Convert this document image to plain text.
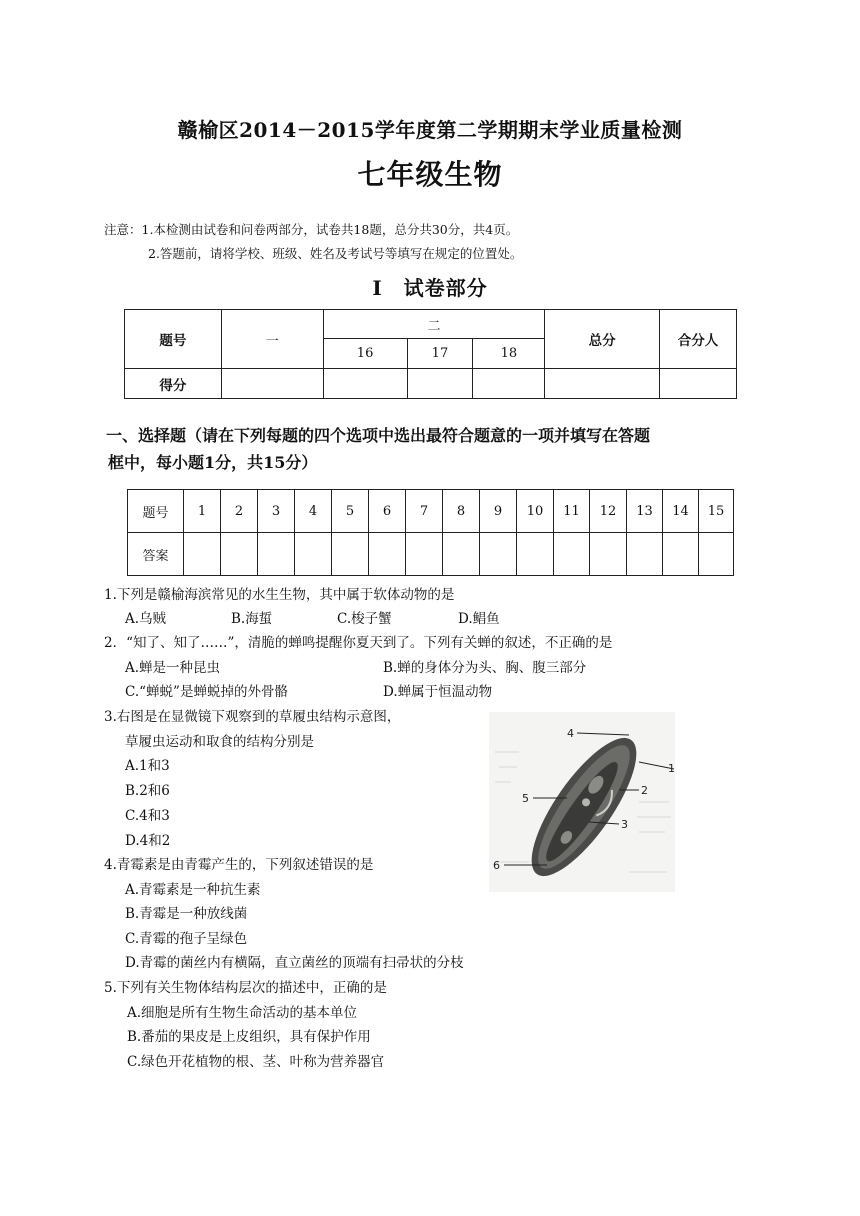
赣榆区2014－2015学年度第二学期期末学业质量检测
七年级生物
注意：1.本检测由试卷和问卷两部分，试卷共18题，总分共30分，共4页。
2.答题前，请将学校、班级、姓名及考试号等填写在规定的位置处。
I　试卷部分
题号	一	二			总分	合分人
		16	17	18		
得分						
一、选择题（请在下列每题的四个选项中选出最符合题意的一项并填写在答题
框中，每小题1分，共15分）
题号	1	2	3	4	5	6	7	8	9	10	11	12	13	14	15
答案															
1.下列是赣榆海滨常见的水生生物，其中属于软体动物的是
A.乌贼	B.海蜇	C.梭子蟹	D.鲳鱼
2．“知了、知了……”，清脆的蝉鸣提醒你夏天到了。下列有关蝉的叙述，不正确的是
A.蝉是一种昆虫	B.蝉的身体分为头、胸、腹三部分
C.“蝉蜕”是蝉蜕掉的外骨骼	D.蝉属于恒温动物
3.右图是在显微镜下观察到的草履虫结构示意图，
草履虫运动和取食的结构分别是
A.1和3
B.2和6
C.4和3
D.4和2
4
1
5
2
3
6
4.青霉素是由青霉产生的，下列叙述错误的是
A.青霉素是一种抗生素
B.青霉是一种放线菌
C.青霉的孢子呈绿色
D.青霉的菌丝内有横隔，直立菌丝的顶端有扫帚状的分枝
5.下列有关生物体结构层次的描述中，正确的是
A.细胞是所有生物生命活动的基本单位
B.番茄的果皮是上皮组织，具有保护作用
C.绿色开花植物的根、茎、叶称为营养器官
